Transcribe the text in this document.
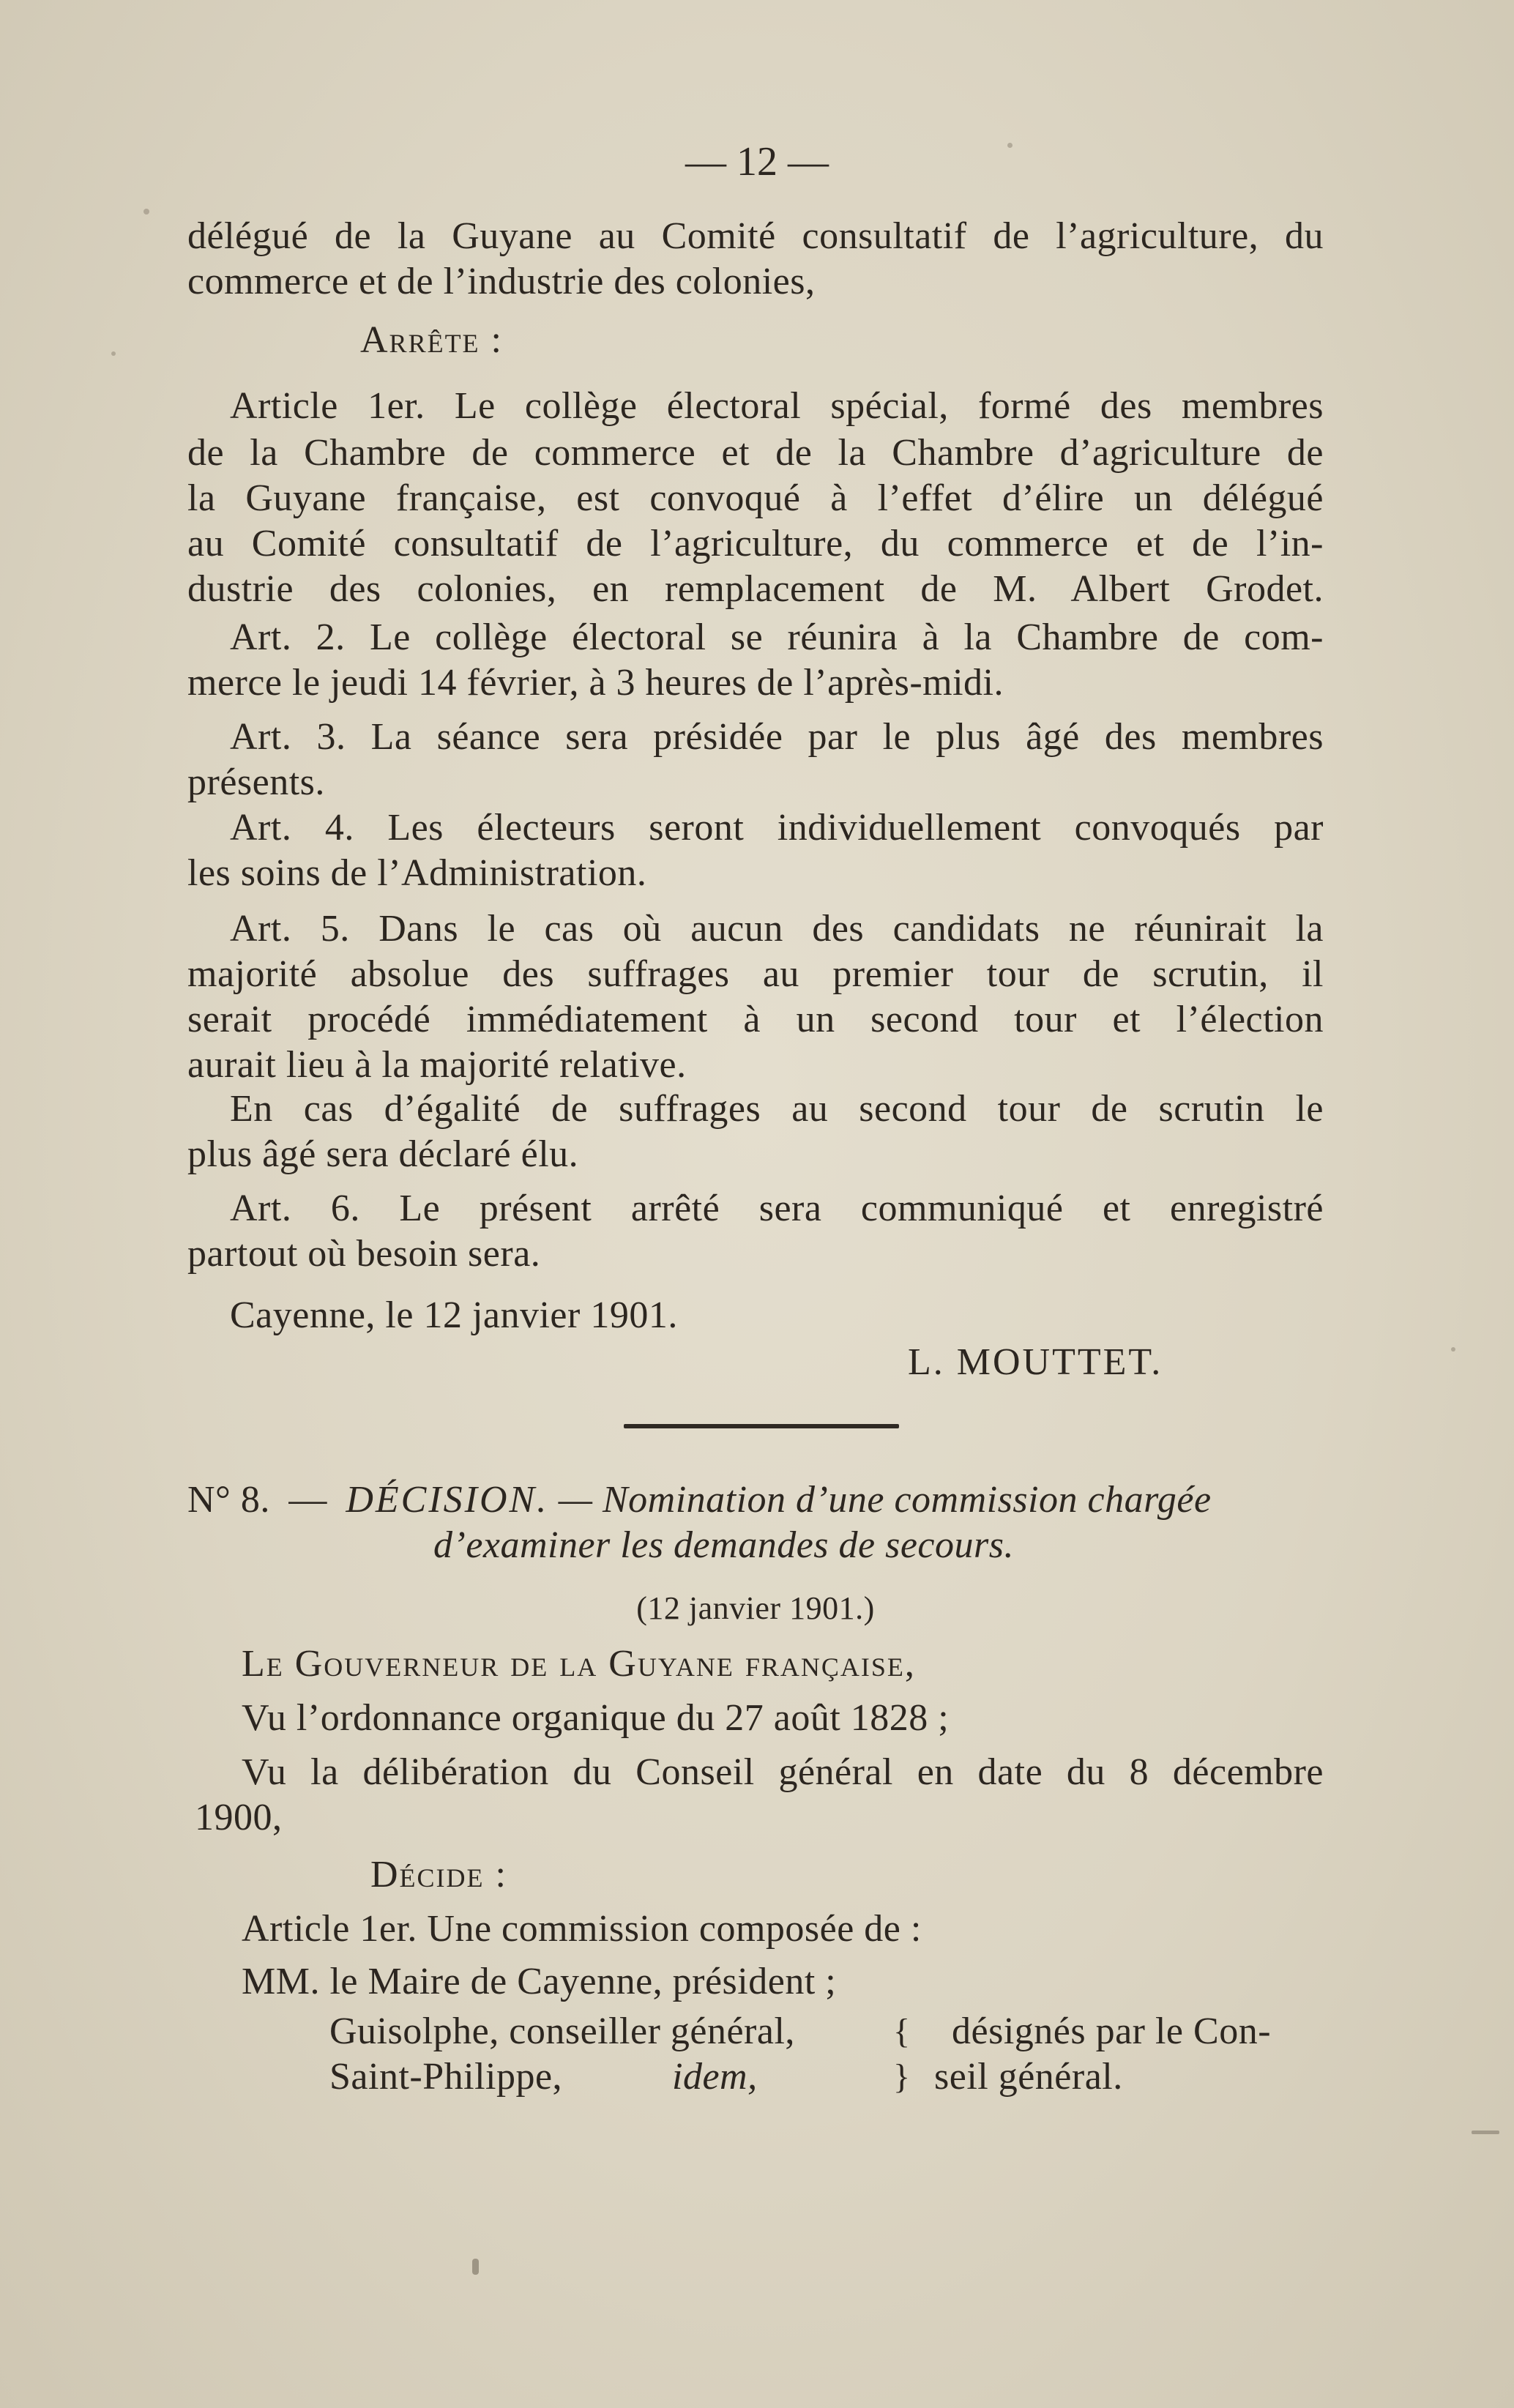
— 12 —
délégué de la Guyane au Comité consultatif de l’agriculture, du
commerce et de l’industrie des colonies,
Arrête :
Article 1er. Le collège électoral spécial, formé des membres
de la Chambre de commerce et de la Chambre d’agriculture de
la Guyane française, est convoqué à l’effet d’élire un délégué
au Comité consultatif de l’agriculture, du commerce et de l’in-
dustrie des colonies, en remplacement de M. Albert Grodet.
Art. 2. Le collège électoral se réunira à la Chambre de com-
merce le jeudi 14 février, à 3 heures de l’après-midi.
Art. 3. La séance sera présidée par le plus âgé des membres
présents.
Art. 4. Les électeurs seront individuellement convoqués par
les soins de l’Administration.
Art. 5. Dans le cas où aucun des candidats ne réunirait la
majorité absolue des suffrages au premier tour de scrutin, il
serait procédé immédiatement à un second tour et l’élection
aurait lieu à la majorité relative.
En cas d’égalité de suffrages au second tour de scrutin le
plus âgé sera déclaré élu.
Art. 6. Le présent arrêté sera communiqué et enregistré
partout où besoin sera.
Cayenne, le 12 janvier 1901.
L. MOUTTET.
N° 8. — DÉCISION. — Nomination d’une commission chargée
d’examiner les demandes de secours.
(12 janvier 1901.)
Le Gouverneur de la Guyane française,
Vu l’ordonnance organique du 27 août 1828 ;
Vu la délibération du Conseil général en date du 8 décembre
1900,
Décide :
Article 1er. Une commission composée de :
MM. le Maire de Cayenne, président ;
Guisolphe, conseiller général,	{ désignés par le Con-
Saint-Philippe,	idem,	} seil général.
